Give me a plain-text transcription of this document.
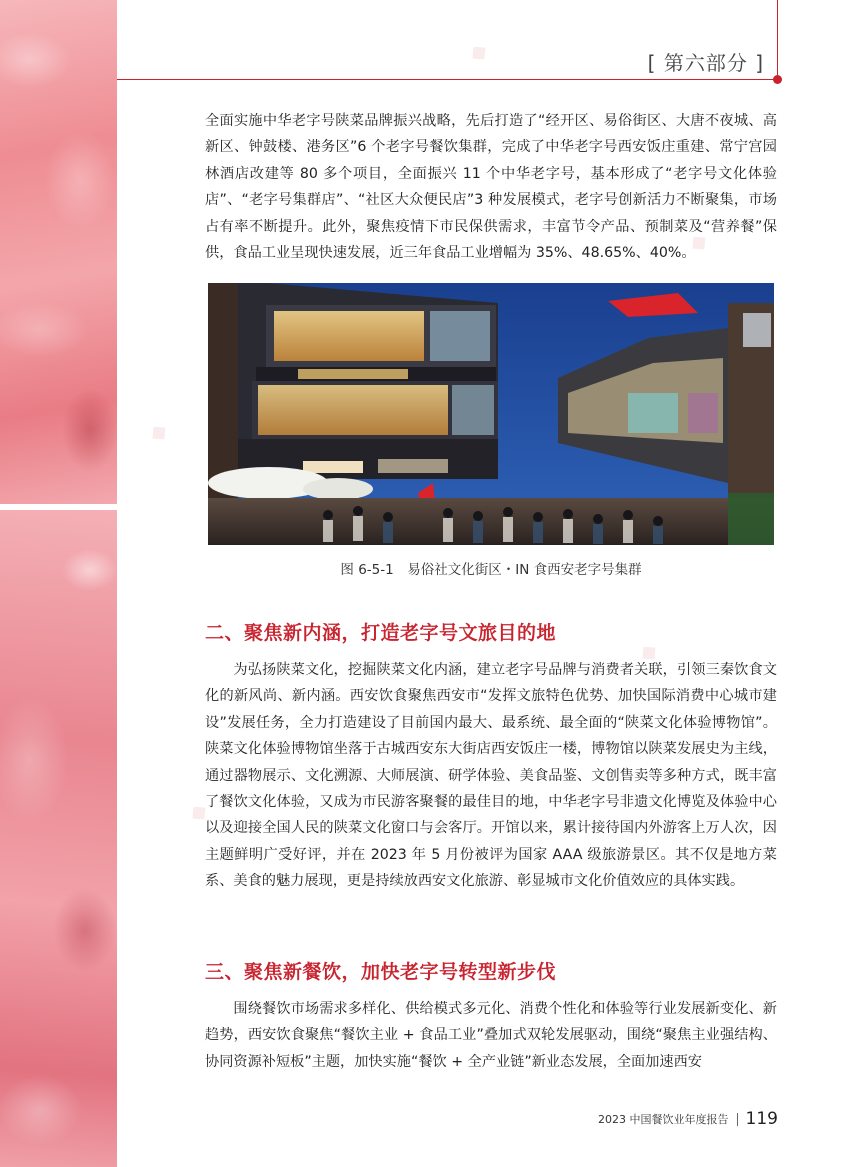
◆
◆
◆
◆
◆
[ 第六部分 ]
全面实施中华老字号陕菜品牌振兴战略，先后打造了“经开区、易俗街区、大唐不夜城、高新区、钟鼓楼、港务区”6 个老字号餐饮集群，完成了中华老字号西安饭庄重建、常宁宫园林酒店改建等 80 多个项目，全面振兴 11 个中华老字号，基本形成了“老字号文化体验店”、“老字号集群店”、“社区大众便民店”3 种发展模式，老字号创新活力不断聚集，市场占有率不断提升。此外，聚焦疫情下市民保供需求，丰富节令产品、预制菜及“营养餐”保供，食品工业呈现快速发展，近三年食品工业增幅为 35%、48.65%、40%。
图 6-5-1　易俗社文化街区・IN 食西安老字号集群
二、聚焦新内涵，打造老字号文旅目的地
为弘扬陕菜文化，挖掘陕菜文化内涵，建立老字号品牌与消费者关联，引领三秦饮食文化的新风尚、新内涵。西安饮食聚焦西安市“发挥文旅特色优势、加快国际消费中心城市建设”发展任务，全力打造建设了目前国内最大、最系统、最全面的“陕菜文化体验博物馆”。陕菜文化体验博物馆坐落于古城西安东大街店西安饭庄一楼，博物馆以陕菜发展史为主线，通过器物展示、文化溯源、大师展演、研学体验、美食品鉴、文创售卖等多种方式，既丰富了餐饮文化体验，又成为市民游客聚餐的最佳目的地，中华老字号非遗文化博览及体验中心以及迎接全国人民的陕菜文化窗口与会客厅。开馆以来，累计接待国内外游客上万人次，因主题鲜明广受好评，并在 2023 年 5 月份被评为国家 AAA 级旅游景区。其不仅是地方菜系、美食的魅力展现，更是持续放西安文化旅游、彰显城市文化价值效应的具体实践。
三、聚焦新餐饮，加快老字号转型新步伐
围绕餐饮市场需求多样化、供给模式多元化、消费个性化和体验等行业发展新变化、新趋势，西安饮食聚焦“餐饮主业 + 食品工业”叠加式双轮发展驱动，围绕“聚焦主业强结构、协同资源补短板”主题，加快实施“餐饮 + 全产业链”新业态发展，全面加速西安
2023 中国餐饮业年度报告 119
